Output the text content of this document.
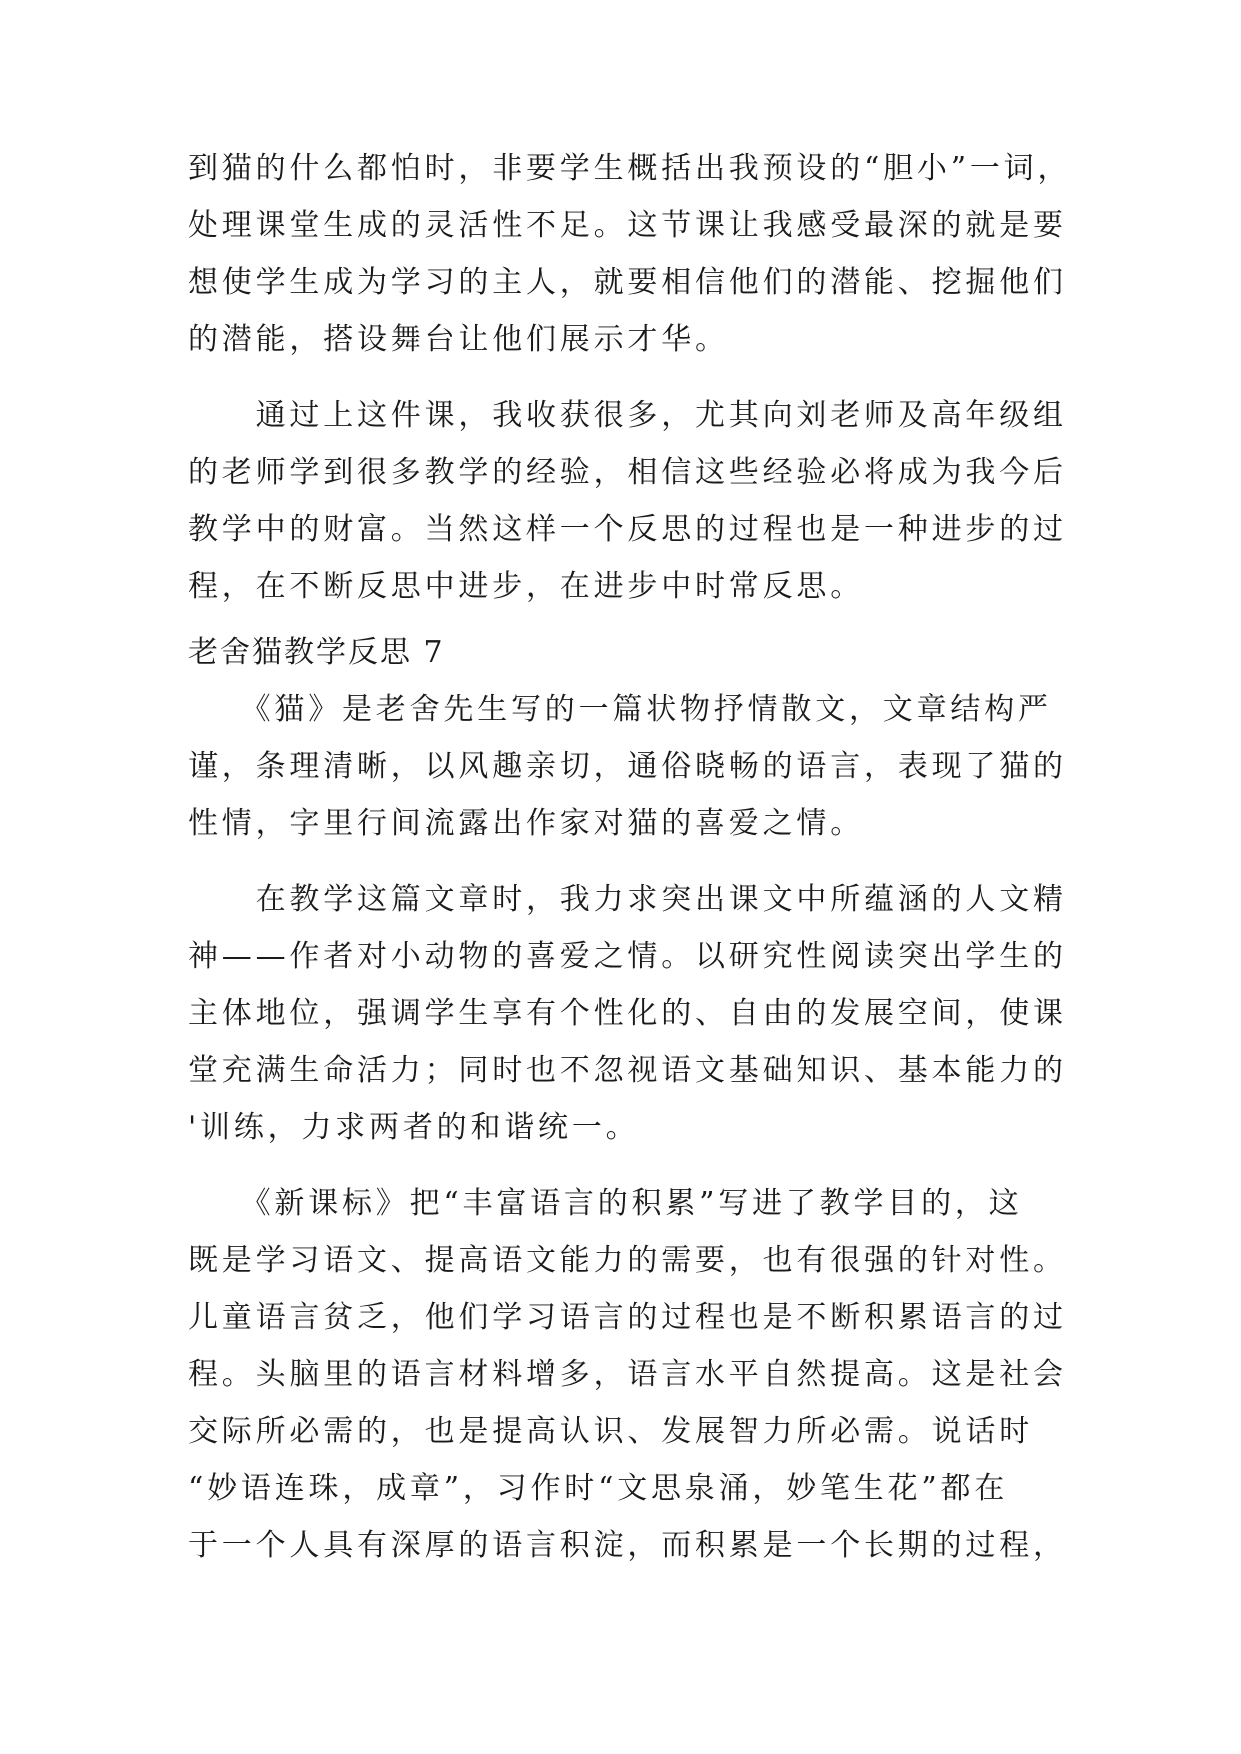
到猫的什么都怕时，非要学生概括出我预设的“胆小”一词，
处理课堂生成的灵活性不足。这节课让我感受最深的就是要
想使学生成为学习的主人，就要相信他们的潜能、挖掘他们
的潜能，搭设舞台让他们展示才华。
　　通过上这件课，我收获很多，尤其向刘老师及高年级组
的老师学到很多教学的经验，相信这些经验必将成为我今后
教学中的财富。当然这样一个反思的过程也是一种进步的过
程，在不断反思中进步，在进步中时常反思。
老舍猫教学反思 7
　　《猫》是老舍先生写的一篇状物抒情散文，文章结构严
谨，条理清晰，以风趣亲切，通俗晓畅的语言，表现了猫的
性情，字里行间流露出作家对猫的喜爱之情。
　　在教学这篇文章时，我力求突出课文中所蕴涵的人文精
神——作者对小动物的喜爱之情。以研究性阅读突出学生的
主体地位，强调学生享有个性化的、自由的发展空间，使课
堂充满生命活力；同时也不忽视语文基础知识、基本能力的
'训练，力求两者的和谐统一。
　　《新课标》把“丰富语言的积累”写进了教学目的，这
既是学习语文、提高语文能力的需要，也有很强的针对性。
儿童语言贫乏，他们学习语言的过程也是不断积累语言的过
程。头脑里的语言材料增多，语言水平自然提高。这是社会
交际所必需的，也是提高认识、发展智力所必需。说话时
“妙语连珠，成章”，习作时“文思泉涌，妙笔生花”都在
于一个人具有深厚的语言积淀，而积累是一个长期的过程，
